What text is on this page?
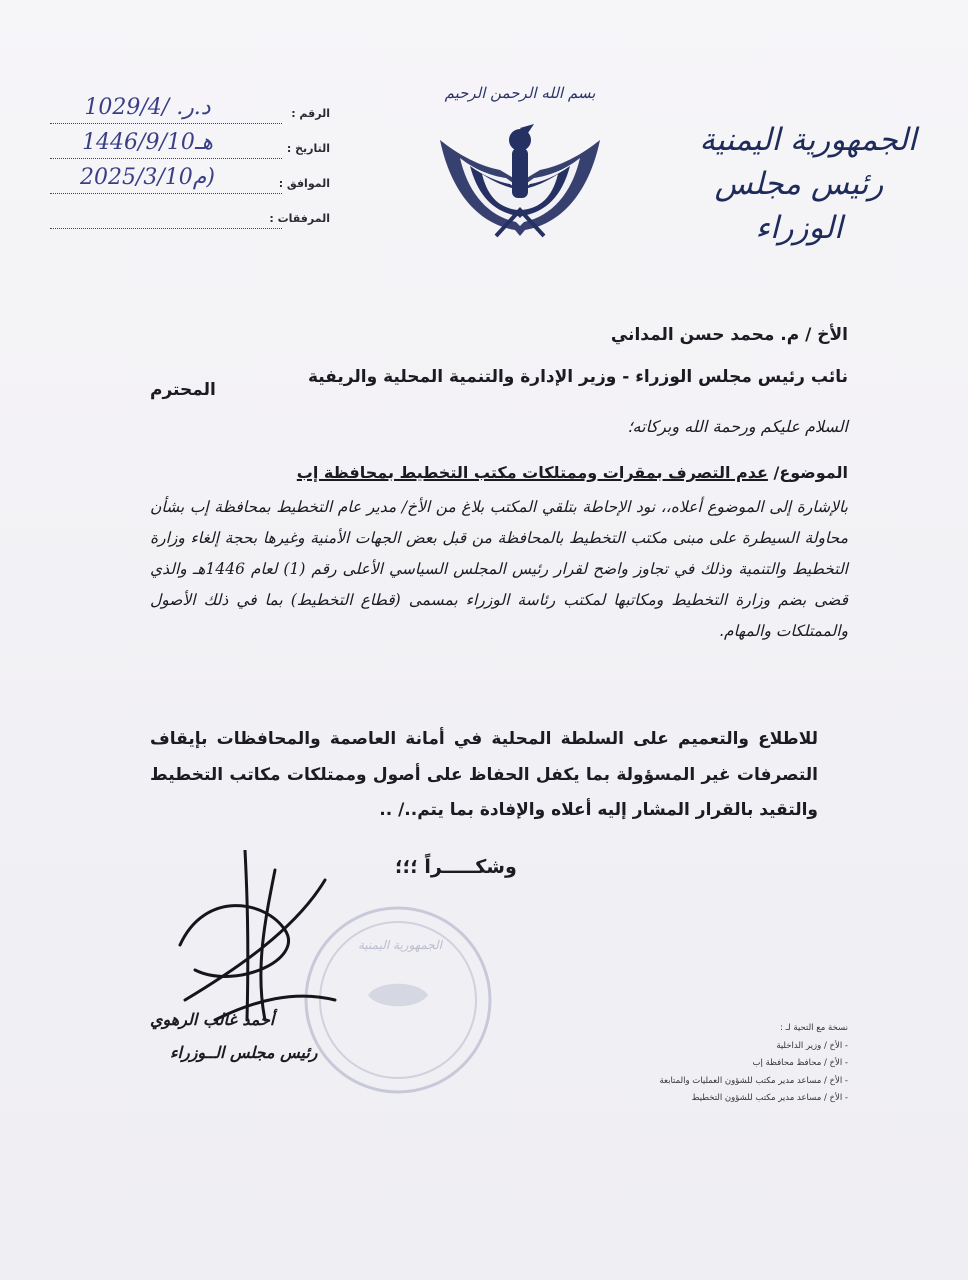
الجمهورية اليمنية
رئيس مجلس الوزراء
بسم الله الرحمن الرحيم
الرقم :
1029/4/ .د.ر
التاريخ :
1446/9/10هـ
الموافق :
2025/3/10م)
المرفقات :
الأخ / م. محمد حسن المداني
نائب رئيس مجلس الوزراء - وزير الإدارة والتنمية المحلية والريفية
المحترم
السلام عليكم ورحمة الله وبركاته؛
الموضوع/ عدم التصرف بمقرات وممتلكات مكتب التخطيط بمحافظة إب
بالإشارة إلى الموضوع أعلاه،، نود الإحاطة بتلقي المكتب بلاغ من الأخ/ مدير عام التخطيط بمحافظة إب بشأن محاولة السيطرة على مبنى مكتب التخطيط بالمحافظة من قبل بعض الجهات الأمنية وغيرها بحجة إلغاء وزارة التخطيط والتنمية وذلك في تجاوز واضح لقرار رئيس المجلس السياسي الأعلى رقم (1) لعام 1446هـ والذي قضى بضم وزارة التخطيط ومكاتبها لمكتب رئاسة الوزراء بمسمى (قطاع التخطيط) بما في ذلك الأصول والممتلكات والمهام.
للاطلاع والتعميم على السلطة المحلية في أمانة العاصمة والمحافظات بإيقاف التصرفات غير المسؤولة بما يكفل الحفاظ على أصول وممتلكات مكاتب التخطيط والتقيد بالقرار المشار إليه أعلاه والإفادة بما يتم../ ..
وشكـــــراً ؛؛؛
الجمهورية اليمنية
أحمد غالب الرهوي
رئيس مجلس الــوزراء
نسخة مع التحية لـ :
- الأخ / وزير الداخلية
- الأخ / محافظ محافظة إب
- الأخ / مساعد مدير مكتب للشؤون العمليات والمتابعة
- الأخ / مساعد مدير مكتب للشؤون التخطيط
